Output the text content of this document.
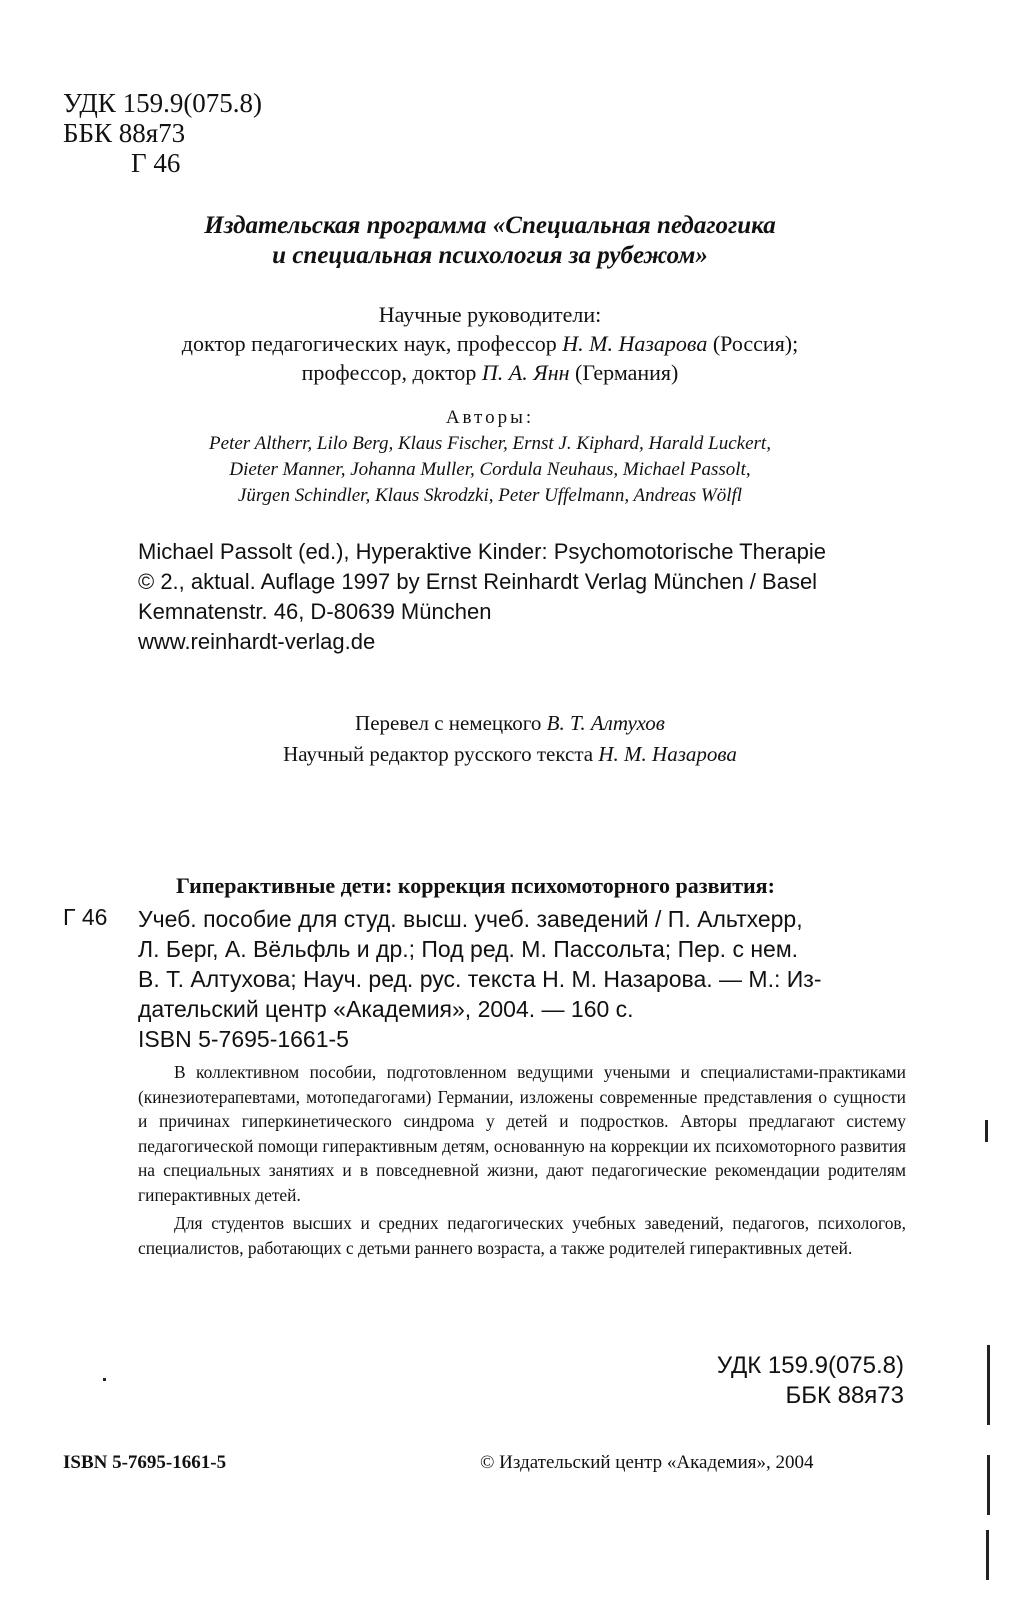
УДК 159.9(075.8)
ББК 88я73
Г 46
Издательская программа «Специальная педагогика
и специальная психология за рубежом»
Научные руководители:
доктор педагогических наук, профессор Н. М. Назарова (Россия);
профессор, доктор П. А. Янн (Германия)
Авторы:
Peter Altherr, Lilo Berg, Klaus Fischer, Ernst J. Kiphard, Harald Luckert,
Dieter Manner, Johanna Muller, Cordula Neuhaus, Michael Passolt,
Jürgen Schindler, Klaus Skrodzki, Peter Uffelmann, Andreas Wölfl
Michael Passolt (ed.), Hyperaktive Kinder: Psychomotorische Therapie
© 2., aktual. Auflage 1997 by Ernst Reinhardt Verlag München / Basel
Kemnatenstr. 46, D-80639 München
www.reinhardt-verlag.de
Перевел с немецкого В. Т. Алтухов
Научный редактор русского текста Н. М. Назарова
Гиперактивные дети: коррекция психомоторного развития:
Г 46 Учеб. пособие для студ. высш. учеб. заведений / П. Альтхерр,
Л. Берг, А. Вёльфль и др.; Под ред. М. Пассольта; Пер. с нем.
В. Т. Алтухова; Науч. ред. рус. текста Н. М. Назарова. — М.: Из-
дательский центр «Академия», 2004. — 160 с.
ISBN 5-7695-1661-5

В коллективном пособии, подготовленном ведущими учеными и специалистами-практиками (кинезиотерапевтами, мотопедагогами) Германии, изложены современные представления о сущности и причинах гиперкинетического синдрома у детей и подростков. Авторы предлагают систему педагогической помощи гиперактивным детям, основанную на коррекции их психомоторного развития на специальных занятиях и в повседневной жизни, дают педагогические рекомендации родителям гиперактивных детей.

Для студентов высших и средних педагогических учебных заведений, педагогов, психологов, специалистов, работающих с детьми раннего возраста, а также родителей гиперактивных детей.

УДК 159.9(075.8)
ББК 88я73
ISBN 5-7695-1661-5	© Издательский центр «Академия», 2004
